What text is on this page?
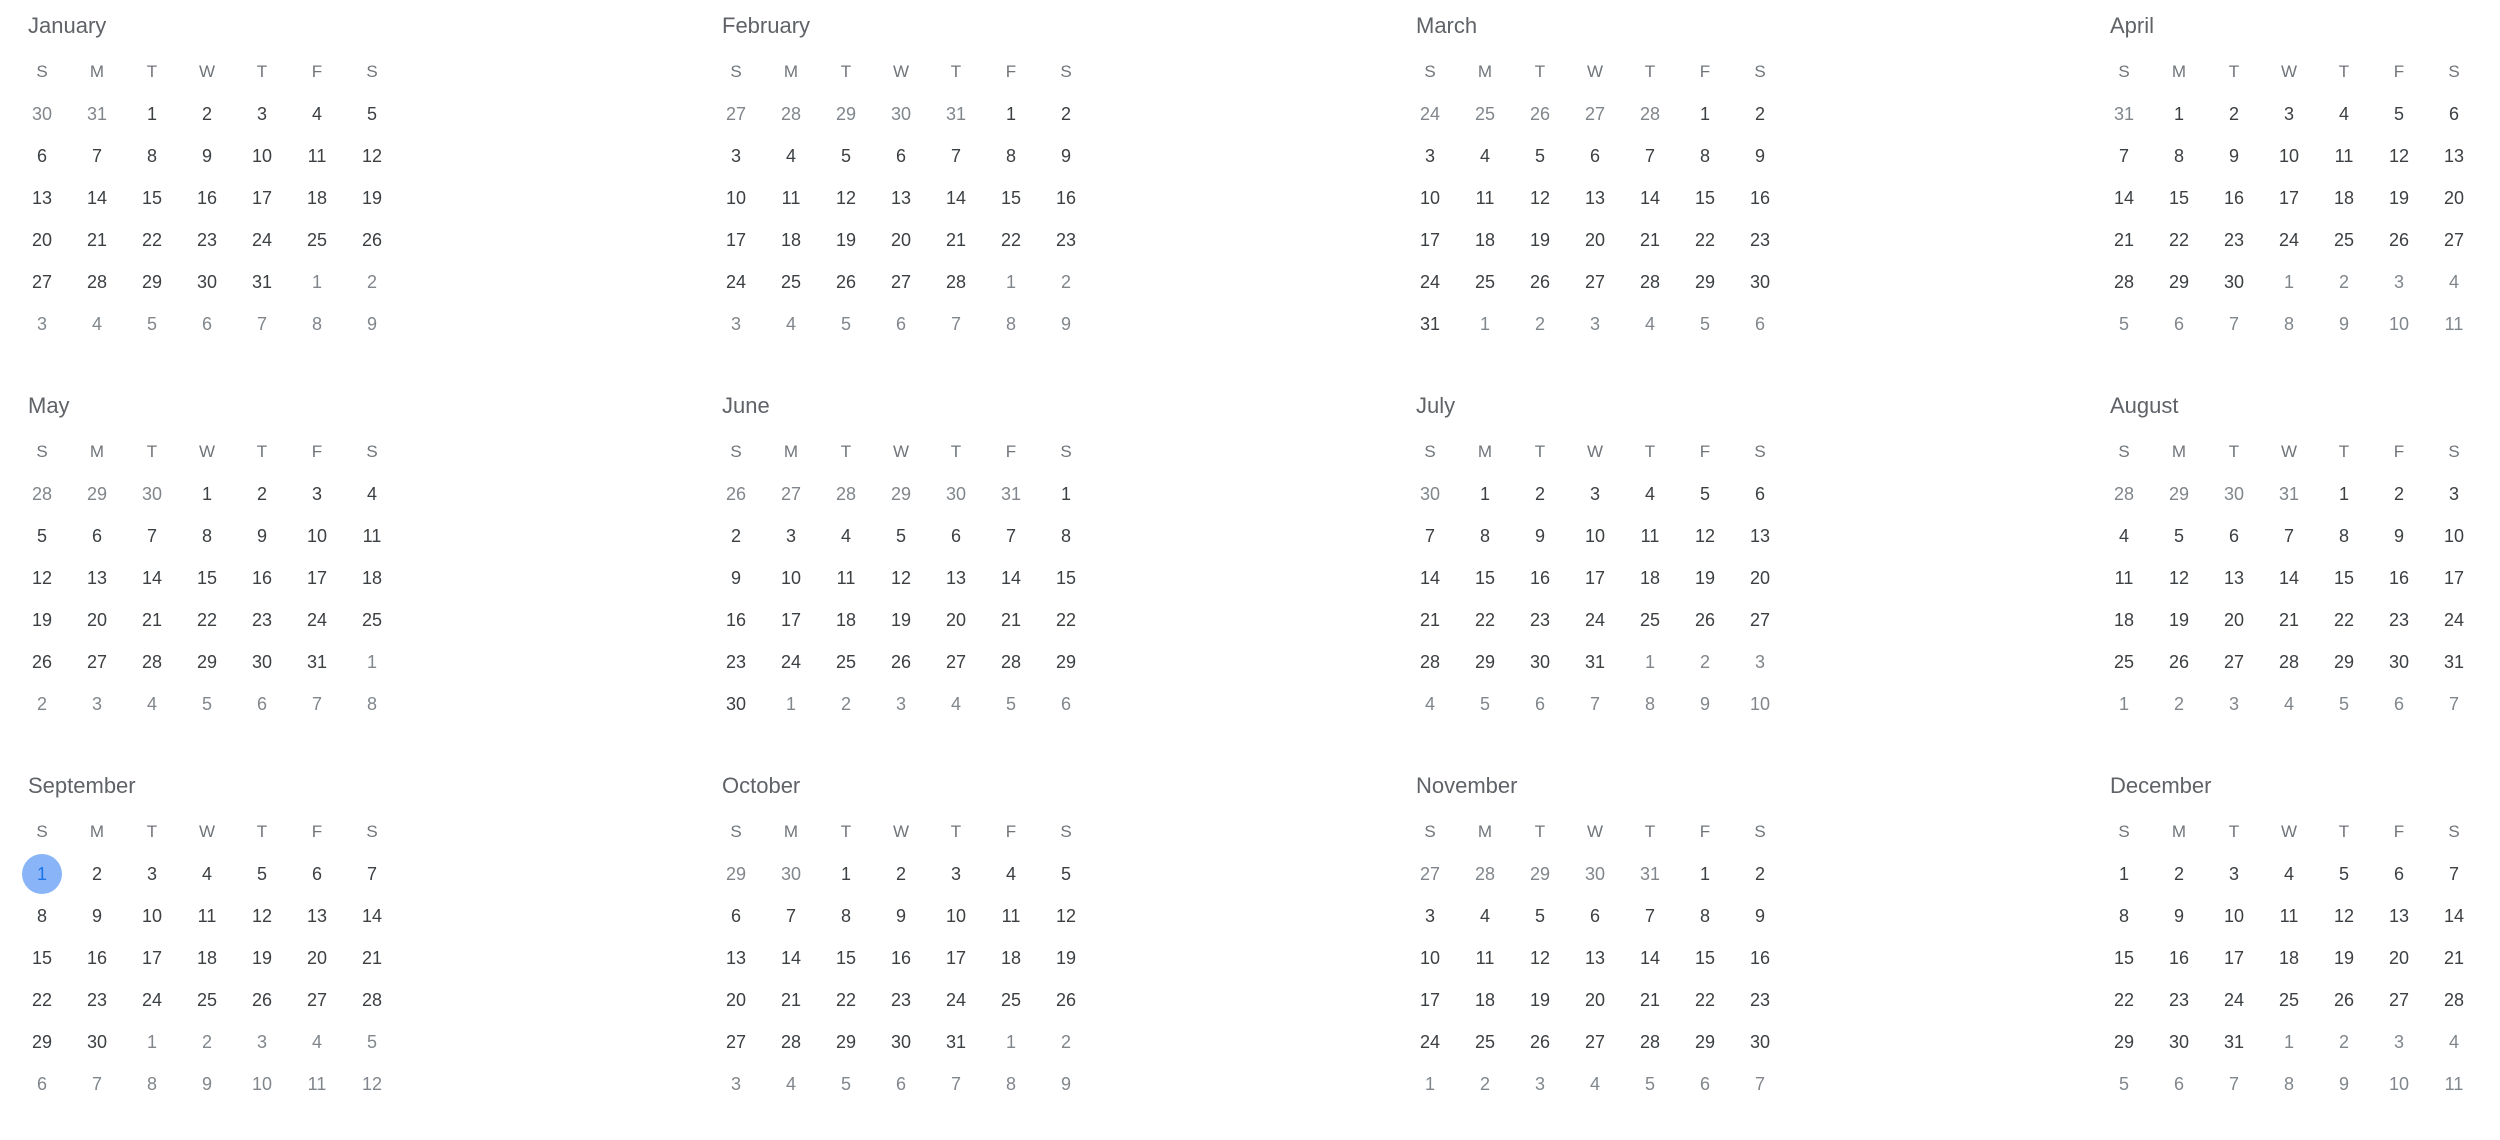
January
S	M	T	W	T	F	S
30	31	1	2	3	4	5
6	7	8	9	10	11	12
13	14	15	16	17	18	19
20	21	22	23	24	25	26
27	28	29	30	31	1	2
3	4	5	6	7	8	9
February
S	M	T	W	T	F	S
27	28	29	30	31	1	2
3	4	5	6	7	8	9
10	11	12	13	14	15	16
17	18	19	20	21	22	23
24	25	26	27	28	1	2
3	4	5	6	7	8	9
March
S	M	T	W	T	F	S
24	25	26	27	28	1	2
3	4	5	6	7	8	9
10	11	12	13	14	15	16
17	18	19	20	21	22	23
24	25	26	27	28	29	30
31	1	2	3	4	5	6
April
S	M	T	W	T	F	S
31	1	2	3	4	5	6
7	8	9	10	11	12	13
14	15	16	17	18	19	20
21	22	23	24	25	26	27
28	29	30	1	2	3	4
5	6	7	8	9	10	11
May
S	M	T	W	T	F	S
28	29	30	1	2	3	4
5	6	7	8	9	10	11
12	13	14	15	16	17	18
19	20	21	22	23	24	25
26	27	28	29	30	31	1
2	3	4	5	6	7	8
June
S	M	T	W	T	F	S
26	27	28	29	30	31	1
2	3	4	5	6	7	8
9	10	11	12	13	14	15
16	17	18	19	20	21	22
23	24	25	26	27	28	29
30	1	2	3	4	5	6
July
S	M	T	W	T	F	S
30	1	2	3	4	5	6
7	8	9	10	11	12	13
14	15	16	17	18	19	20
21	22	23	24	25	26	27
28	29	30	31	1	2	3
4	5	6	7	8	9	10
August
S	M	T	W	T	F	S
28	29	30	31	1	2	3
4	5	6	7	8	9	10
11	12	13	14	15	16	17
18	19	20	21	22	23	24
25	26	27	28	29	30	31
1	2	3	4	5	6	7
September
S	M	T	W	T	F	S
1	2	3	4	5	6	7
8	9	10	11	12	13	14
15	16	17	18	19	20	21
22	23	24	25	26	27	28
29	30	1	2	3	4	5
6	7	8	9	10	11	12
October
S	M	T	W	T	F	S
29	30	1	2	3	4	5
6	7	8	9	10	11	12
13	14	15	16	17	18	19
20	21	22	23	24	25	26
27	28	29	30	31	1	2
3	4	5	6	7	8	9
November
S	M	T	W	T	F	S
27	28	29	30	31	1	2
3	4	5	6	7	8	9
10	11	12	13	14	15	16
17	18	19	20	21	22	23
24	25	26	27	28	29	30
1	2	3	4	5	6	7
December
S	M	T	W	T	F	S
1	2	3	4	5	6	7
8	9	10	11	12	13	14
15	16	17	18	19	20	21
22	23	24	25	26	27	28
29	30	31	1	2	3	4
5	6	7	8	9	10	11
